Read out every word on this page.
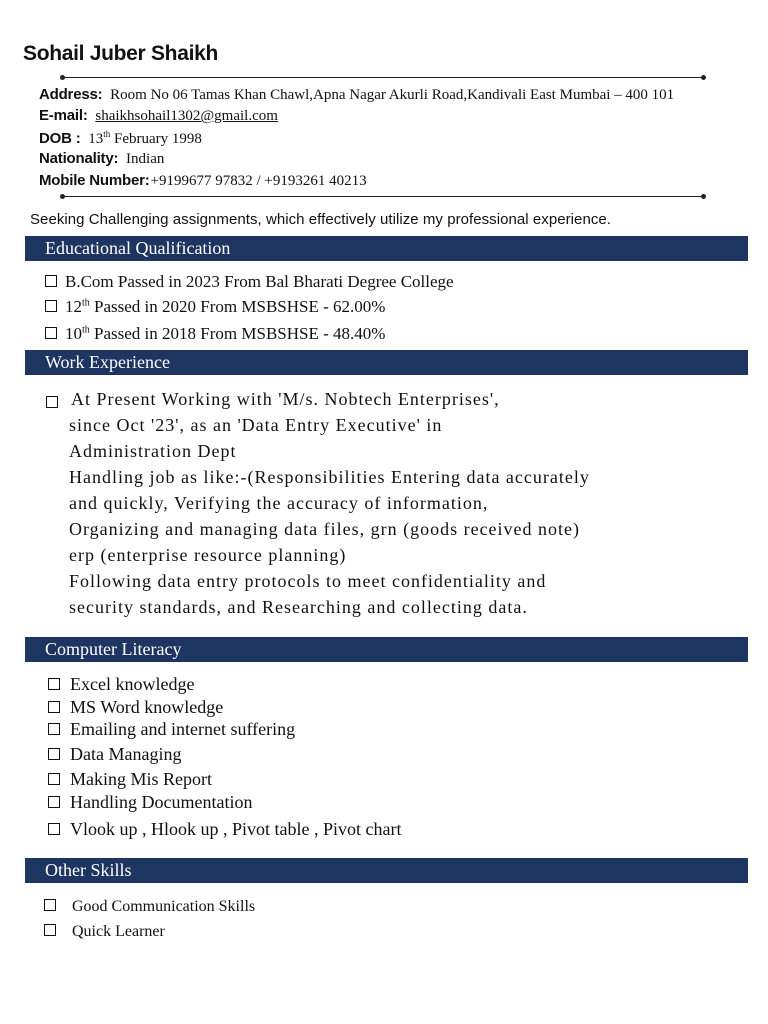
Sohail Juber Shaikh
Address: Room No 06 Tamas Khan Chawl,Apna Nagar Akurli Road,Kandivali East Mumbai – 400 101
E-mail: shaikhsohail1302@gmail.com
DOB : 13th February 1998
Nationality: Indian
Mobile Number:+9199677 97832 / +9193261 40213
Seeking Challenging assignments, which effectively utilize my professional experience.
Educational Qualification
B.Com Passed in 2023 From Bal Bharati Degree College
12th Passed in 2020 From MSBSHSE - 62.00%
10th Passed in 2018 From MSBSHSE - 48.40%
Work Experience
At Present Working with 'M/s. Nobtech Enterprises',
since Oct '23', as an 'Data Entry Executive' in
Administration Dept
Handling job as like:-(Responsibilities Entering data accurately
and quickly, Verifying the accuracy of information,
Organizing and managing data files, grn (goods received note)
erp (enterprise resource planning)
Following data entry protocols to meet confidentiality and
security standards, and Researching and collecting data.
Computer Literacy
Excel knowledge
MS Word knowledge
Emailing and internet suffering
Data Managing
Making Mis Report
Handling Documentation
Vlook up , Hlook up , Pivot table , Pivot chart
Other Skills
Good Communication Skills
Quick Learner
